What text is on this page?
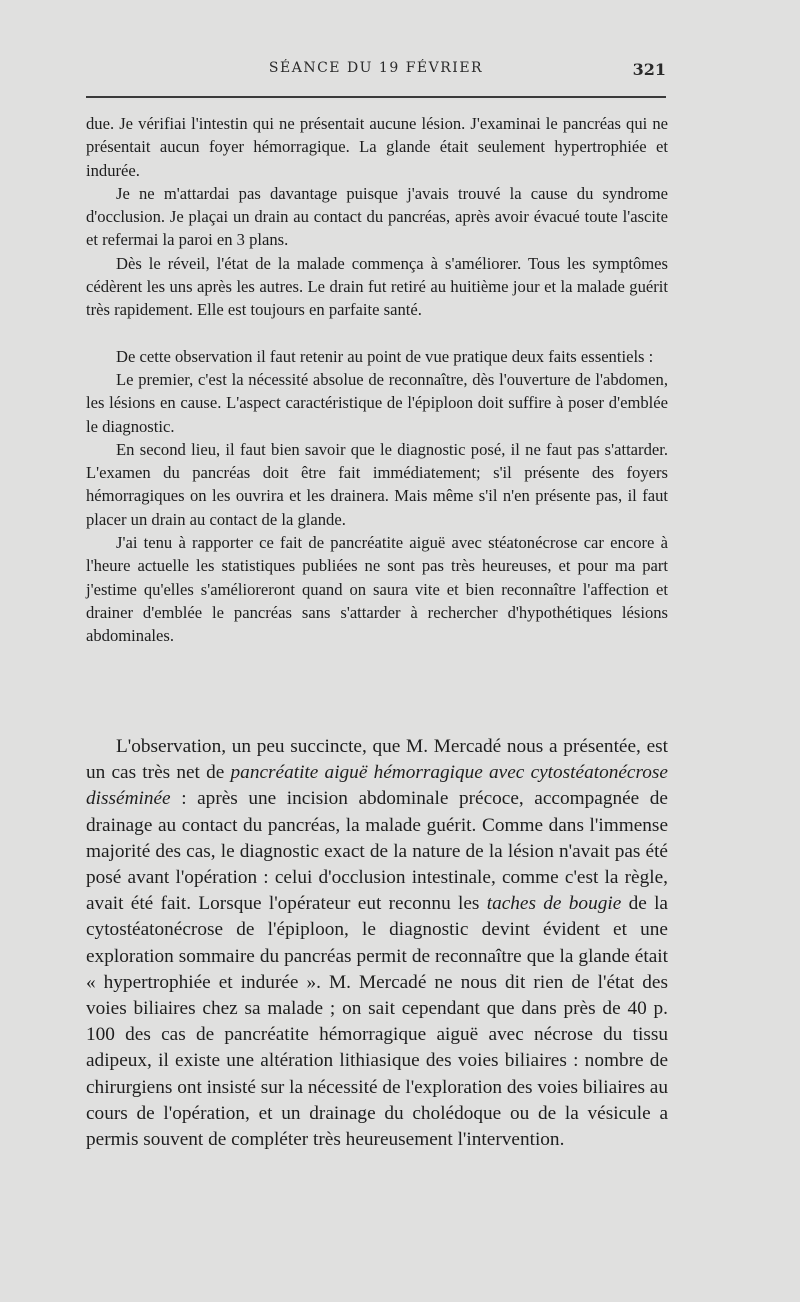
SÉANCE DU 19 FÉVRIER	321

due. Je vérifiai l'intestin qui ne présentait aucune lésion. J'examinai le pancréas qui ne présentait aucun foyer hémorragique. La glande était seulement hypertrophiée et indurée.

Je ne m'attardai pas davantage puisque j'avais trouvé la cause du syndrome d'occlusion. Je plaçai un drain au contact du pancréas, après avoir évacué toute l'ascite et refermai la paroi en 3 plans.

Dès le réveil, l'état de la malade commença à s'améliorer. Tous les symptômes cédèrent les uns après les autres. Le drain fut retiré au huitième jour et la malade guérit très rapidement. Elle est toujours en parfaite santé.

De cette observation il faut retenir au point de vue pratique deux faits essentiels :

Le premier, c'est la nécessité absolue de reconnaître, dès l'ouverture de l'abdomen, les lésions en cause. L'aspect caractéristique de l'épiploon doit suffire à poser d'emblée le diagnostic.

En second lieu, il faut bien savoir que le diagnostic posé, il ne faut pas s'attarder. L'examen du pancréas doit être fait immédiatement; s'il présente des foyers hémorragiques on les ouvrira et les drainera. Mais même s'il n'en présente pas, il faut placer un drain au contact de la glande.

J'ai tenu à rapporter ce fait de pancréatite aiguë avec stéatonécrose car encore à l'heure actuelle les statistiques publiées ne sont pas très heureuses, et pour ma part j'estime qu'elles s'amélioreront quand on saura vite et bien reconnaître l'affection et drainer d'emblée le pancréas sans s'attarder à rechercher d'hypothétiques lésions abdominales.

L'observation, un peu succincte, que M. Mercadé nous a présentée, est un cas très net de pancréatite aiguë hémorragique avec cytostéatonécrose disséminée : après une incision abdominale précoce, accompagnée de drainage au contact du pancréas, la malade guérit. Comme dans l'immense majorité des cas, le diagnostic exact de la nature de la lésion n'avait pas été posé avant l'opération : celui d'occlusion intestinale, comme c'est la règle, avait été fait. Lorsque l'opérateur eut reconnu les taches de bougie de la cytostéatonécrose de l'épiploon, le diagnostic devint évident et une exploration sommaire du pancréas permit de reconnaître que la glande était « hypertrophiée et indurée ». M. Mercadé ne nous dit rien de l'état des voies biliaires chez sa malade ; on sait cependant que dans près de 40 p. 100 des cas de pancréatite hémorragique aiguë avec nécrose du tissu adipeux, il existe une altération lithiasique des voies biliaires : nombre de chirurgiens ont insisté sur la nécessité de l'exploration des voies biliaires au cours de l'opération, et un drainage du cholédoque ou de la vésicule a permis souvent de compléter très heureusement l'intervention.
